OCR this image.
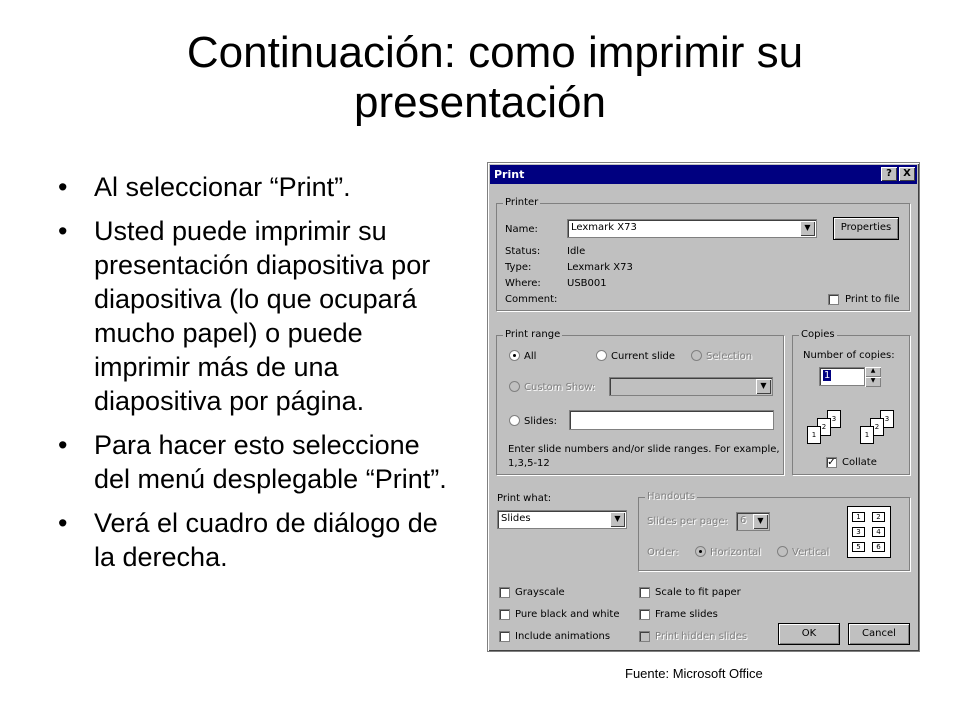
Continuación: como imprimir su
presentación
• Al seleccionar “Print”.
• Usted puede imprimir su presentación diapositiva por diapositiva (lo que ocupará mucho papel) o puede imprimir más de una diapositiva por página.
• Para hacer esto seleccione del menú desplegable “Print”.
• Verá el cuadro de diálogo de la derecha.
Print	?	X
Printer
Name:	Lexmark X73	▼	Properties
Status:	Idle
Type:	Lexmark X73
Where:	USB001
Comment:	Print to file
Print range
All	Current slide	Selection
Custom Show:	▼
Slides:
Enter slide numbers and/or slide ranges. For example,
1,3,5-12
Copies
Number of copies:
1	▲
▼
3
2
1
3
2
1
✓ Collate
Print what:
Slides	▼
Handouts
Slides per page: 6	▼
Order:	Horizontal	Vertical
1	2
3	4
5	6
Grayscale
Pure black and white
Include animations
Scale to fit paper
Frame slides
Print hidden slides	OK	Cancel
Fuente: Microsoft Office
